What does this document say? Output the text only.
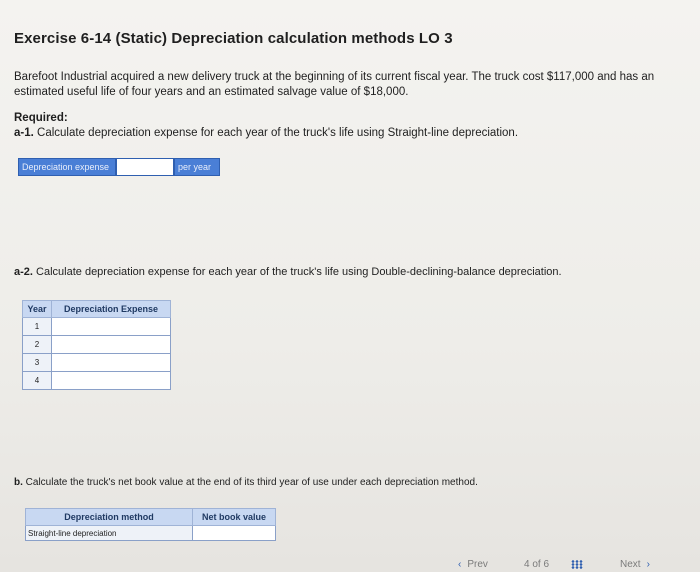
Exercise 6-14 (Static) Depreciation calculation methods LO 3
Barefoot Industrial acquired a new delivery truck at the beginning of its current fiscal year. The truck cost $117,000 and has an estimated useful life of four years and an estimated salvage value of $18,000.
Required:
a-1. Calculate depreciation expense for each year of the truck's life using Straight-line depreciation.
Depreciation expense	per year
a-2. Calculate depreciation expense for each year of the truck's life using Double-declining-balance depreciation.
Year	Depreciation Expense
1	
2	
3	
4	
b. Calculate the truck's net book value at the end of its third year of use under each depreciation method.
Depreciation method	Net book value
Straight-line depreciation	
‹ Prev	4 of 6	Next ›
